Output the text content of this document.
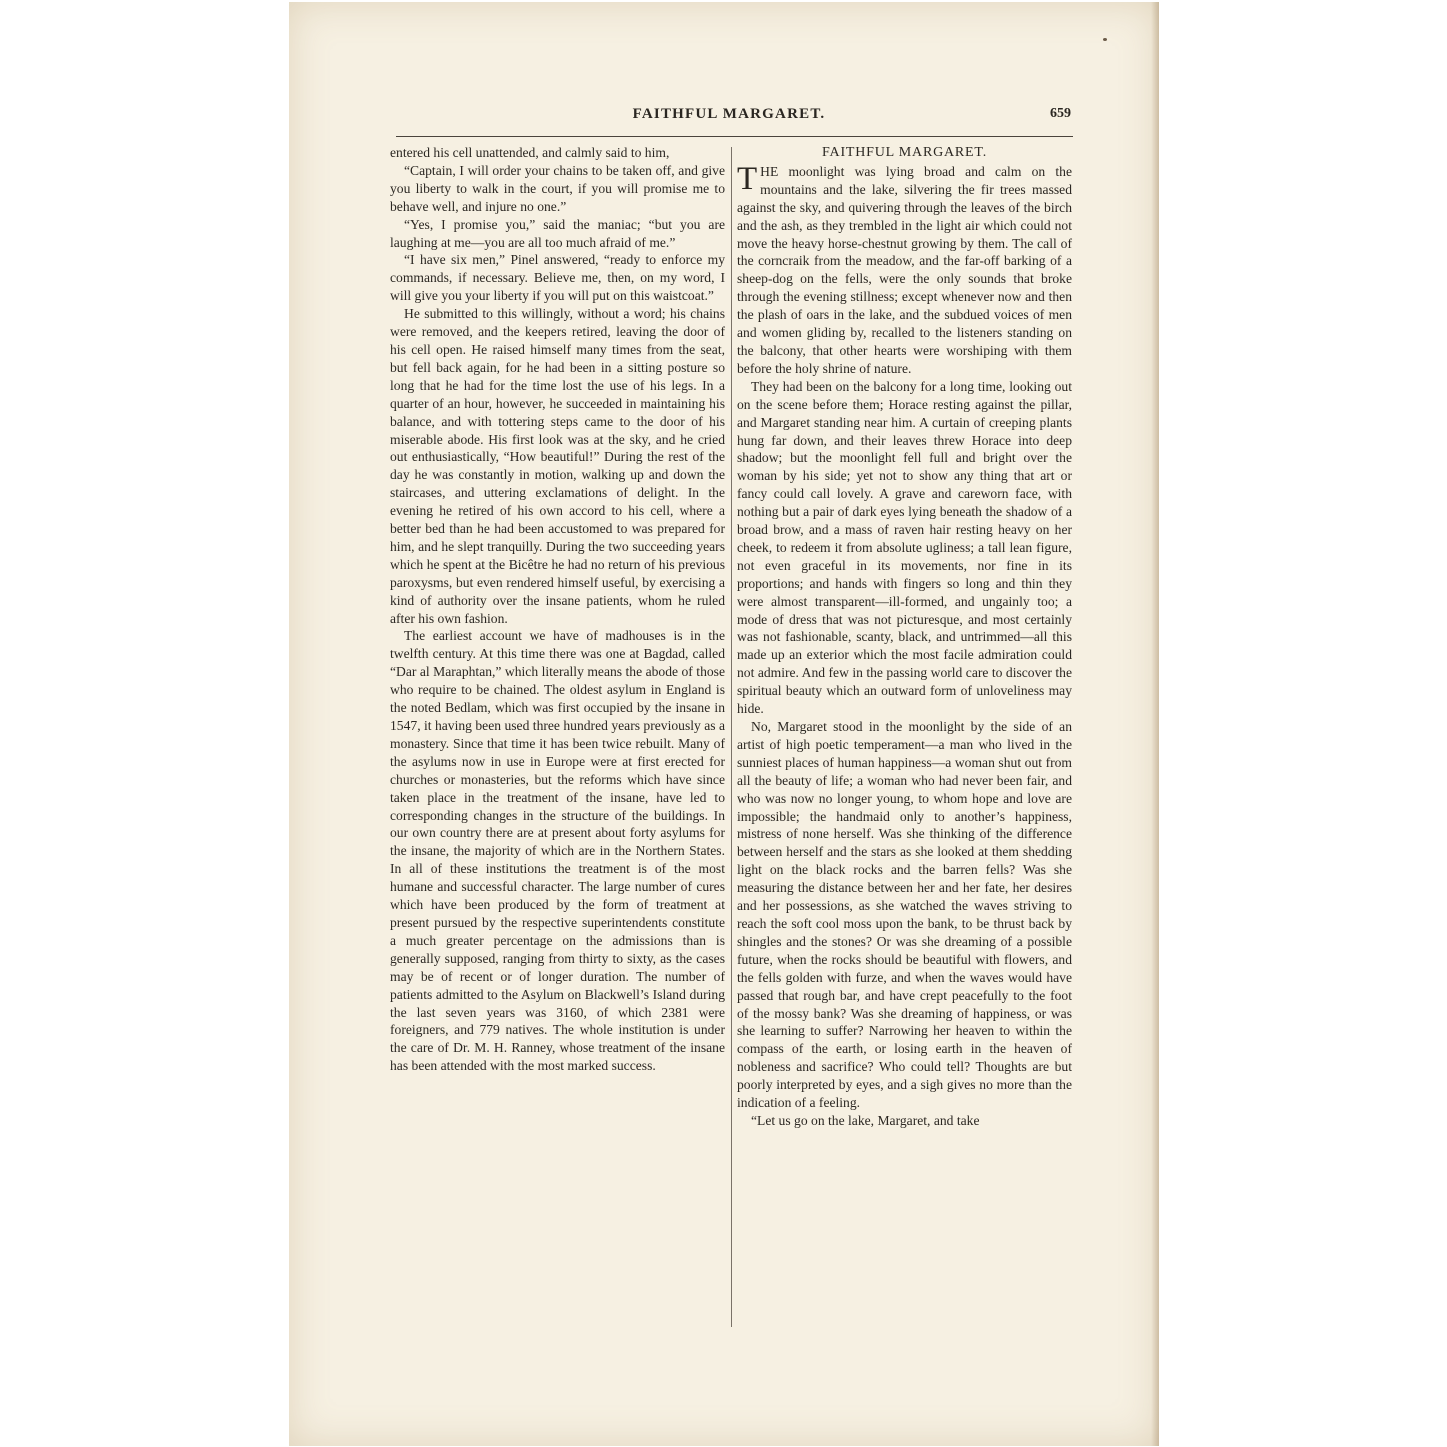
FAITHFUL MARGARET.	659

entered his cell unattended, and calmly said to him,

“Captain, I will order your chains to be taken off, and give you liberty to walk in the court, if you will promise me to behave well, and injure no one.”

“Yes, I promise you,” said the maniac; “but you are laughing at me—you are all too much afraid of me.”

“I have six men,” Pinel answered, “ready to enforce my commands, if necessary. Believe me, then, on my word, I will give you your liberty if you will put on this waistcoat.”

He submitted to this willingly, without a word; his chains were removed, and the keepers retired, leaving the door of his cell open. He raised himself many times from the seat, but fell back again, for he had been in a sitting posture so long that he had for the time lost the use of his legs. In a quarter of an hour, however, he succeeded in maintaining his balance, and with tottering steps came to the door of his miserable abode. His first look was at the sky, and he cried out enthusiastically, “How beautiful!” During the rest of the day he was constantly in motion, walking up and down the staircases, and uttering exclamations of delight. In the evening he retired of his own accord to his cell, where a better bed than he had been accustomed to was prepared for him, and he slept tranquilly. During the two succeeding years which he spent at the Bicêtre he had no return of his previous paroxysms, but even rendered himself useful, by exercising a kind of authority over the insane patients, whom he ruled after his own fashion.

The earliest account we have of madhouses is in the twelfth century. At this time there was one at Bagdad, called “Dar al Maraphtan,” which literally means the abode of those who require to be chained. The oldest asylum in England is the noted Bedlam, which was first occupied by the insane in 1547, it having been used three hundred years previously as a monastery. Since that time it has been twice rebuilt. Many of the asylums now in use in Europe were at first erected for churches or monasteries, but the reforms which have since taken place in the treatment of the insane, have led to corresponding changes in the structure of the buildings. In our own country there are at present about forty asylums for the insane, the majority of which are in the Northern States. In all of these institutions the treatment is of the most humane and successful character. The large number of cures which have been produced by the form of treatment at present pursued by the respective superintendents constitute a much greater percentage on the admissions than is generally supposed, ranging from thirty to sixty, as the cases may be of recent or of longer duration. The number of patients admitted to the Asylum on Blackwell’s Island during the last seven years was 3160, of which 2381 were foreigners, and 779 natives. The whole institution is under the care of Dr. M. H. Ranney, whose treatment of the insane has been attended with the most marked success.

FAITHFUL MARGARET.

THE moonlight was lying broad and calm on the mountains and the lake, silvering the fir trees massed against the sky, and quivering through the leaves of the birch and the ash, as they trembled in the light air which could not move the heavy horse-chestnut growing by them. The call of the corncraik from the meadow, and the far-off barking of a sheep-dog on the fells, were the only sounds that broke through the evening stillness; except whenever now and then the plash of oars in the lake, and the subdued voices of men and women gliding by, recalled to the listeners standing on the balcony, that other hearts were worshiping with them before the holy shrine of nature.

They had been on the balcony for a long time, looking out on the scene before them; Horace resting against the pillar, and Margaret standing near him. A curtain of creeping plants hung far down, and their leaves threw Horace into deep shadow; but the moonlight fell full and bright over the woman by his side; yet not to show any thing that art or fancy could call lovely. A grave and careworn face, with nothing but a pair of dark eyes lying beneath the shadow of a broad brow, and a mass of raven hair resting heavy on her cheek, to redeem it from absolute ugliness; a tall lean figure, not even graceful in its movements, nor fine in its proportions; and hands with fingers so long and thin they were almost transparent—ill-formed, and ungainly too; a mode of dress that was not picturesque, and most certainly was not fashionable, scanty, black, and untrimmed—all this made up an exterior which the most facile admiration could not admire. And few in the passing world care to discover the spiritual beauty which an outward form of unloveliness may hide.

No, Margaret stood in the moonlight by the side of an artist of high poetic temperament—a man who lived in the sunniest places of human happiness—a woman shut out from all the beauty of life; a woman who had never been fair, and who was now no longer young, to whom hope and love are impossible; the handmaid only to another’s happiness, mistress of none herself. Was she thinking of the difference between herself and the stars as she looked at them shedding light on the black rocks and the barren fells? Was she measuring the distance between her and her fate, her desires and her possessions, as she watched the waves striving to reach the soft cool moss upon the bank, to be thrust back by shingles and the stones? Or was she dreaming of a possible future, when the rocks should be beautiful with flowers, and the fells golden with furze, and when the waves would have passed that rough bar, and have crept peacefully to the foot of the mossy bank? Was she dreaming of happiness, or was she learning to suffer? Narrowing her heaven to within the compass of the earth, or losing earth in the heaven of nobleness and sacrifice? Who could tell? Thoughts are but poorly interpreted by eyes, and a sigh gives no more than the indication of a feeling.

“Let us go on the lake, Margaret, and take
